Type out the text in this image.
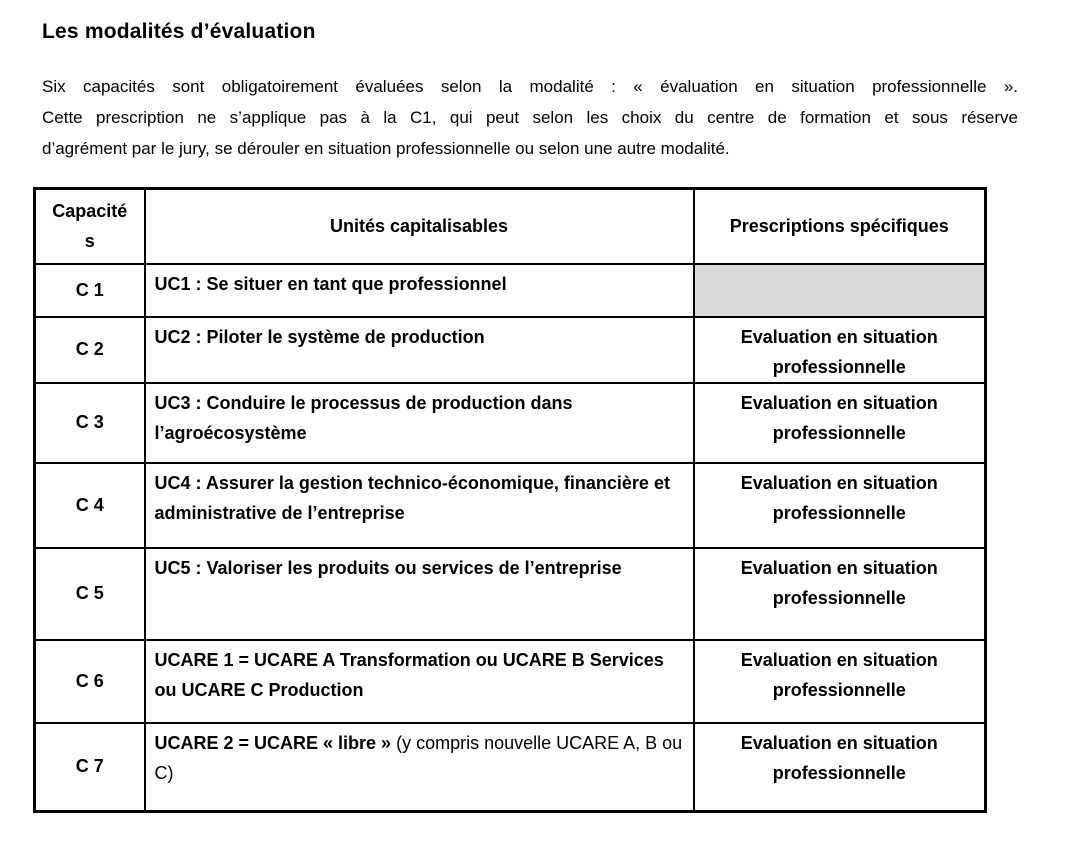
Les modalités d’évaluation
Six capacités sont obligatoirement évaluées selon la modalité : « évaluation en situation professionnelle ».
Cette prescription ne s’applique pas à la C1, qui peut selon les choix du centre de formation et sous réserve
d’agrément par le jury, se dérouler en situation professionnelle ou selon une autre modalité.
Capacités	Unités capitalisables	Prescriptions spécifiques
C 1	UC1 : Se situer en tant que professionnel	
C 2	UC2 : Piloter le système de production	Evaluation en situation professionnelle
C 3	UC3 : Conduire le processus de production dans l’agroécosystème	Evaluation en situation professionnelle
C 4	UC4 : Assurer la gestion technico-économique, financière et administrative de l’entreprise	Evaluation en situation professionnelle
C 5	UC5 : Valoriser les produits ou services de l’entreprise	Evaluation en situation professionnelle
C 6	UCARE 1 = UCARE A Transformation ou UCARE B Services ou UCARE C Production	Evaluation en situation professionnelle
C 7	UCARE 2 = UCARE « libre » (y compris nouvelle UCARE A, B ou C)	Evaluation en situation professionnelle
